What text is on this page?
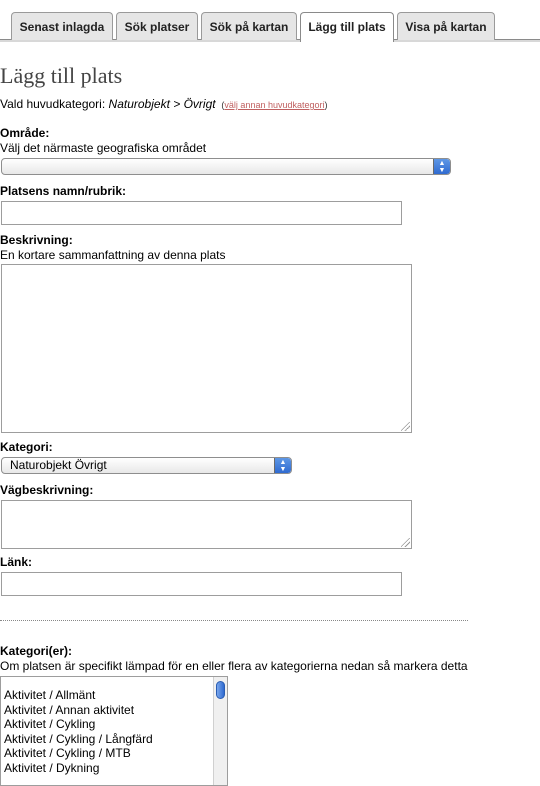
Senast inlagda	Sök platser	Sök på kartan	Lägg till plats	Visa på kartan
Lägg till plats
Vald huvudkategori: Naturobjekt > Övrigt  (välj annan huvudkategori)
Område:
Välj det närmaste geografiska området
▲
▼
Platsens namn/rubrik:
Beskrivning:
En kortare sammanfattning av denna plats
Kategori:
Naturobjekt Övrigt	▲
▼
Vägbeskrivning:
Länk:
Kategori(er):
Om platsen är specifikt lämpad för en eller flera av kategorierna nedan så markera detta
Aktivitet / Allmänt
Aktivitet / Annan aktivitet
Aktivitet / Cykling
Aktivitet / Cykling / Långfärd
Aktivitet / Cykling / MTB
Aktivitet / Dykning
